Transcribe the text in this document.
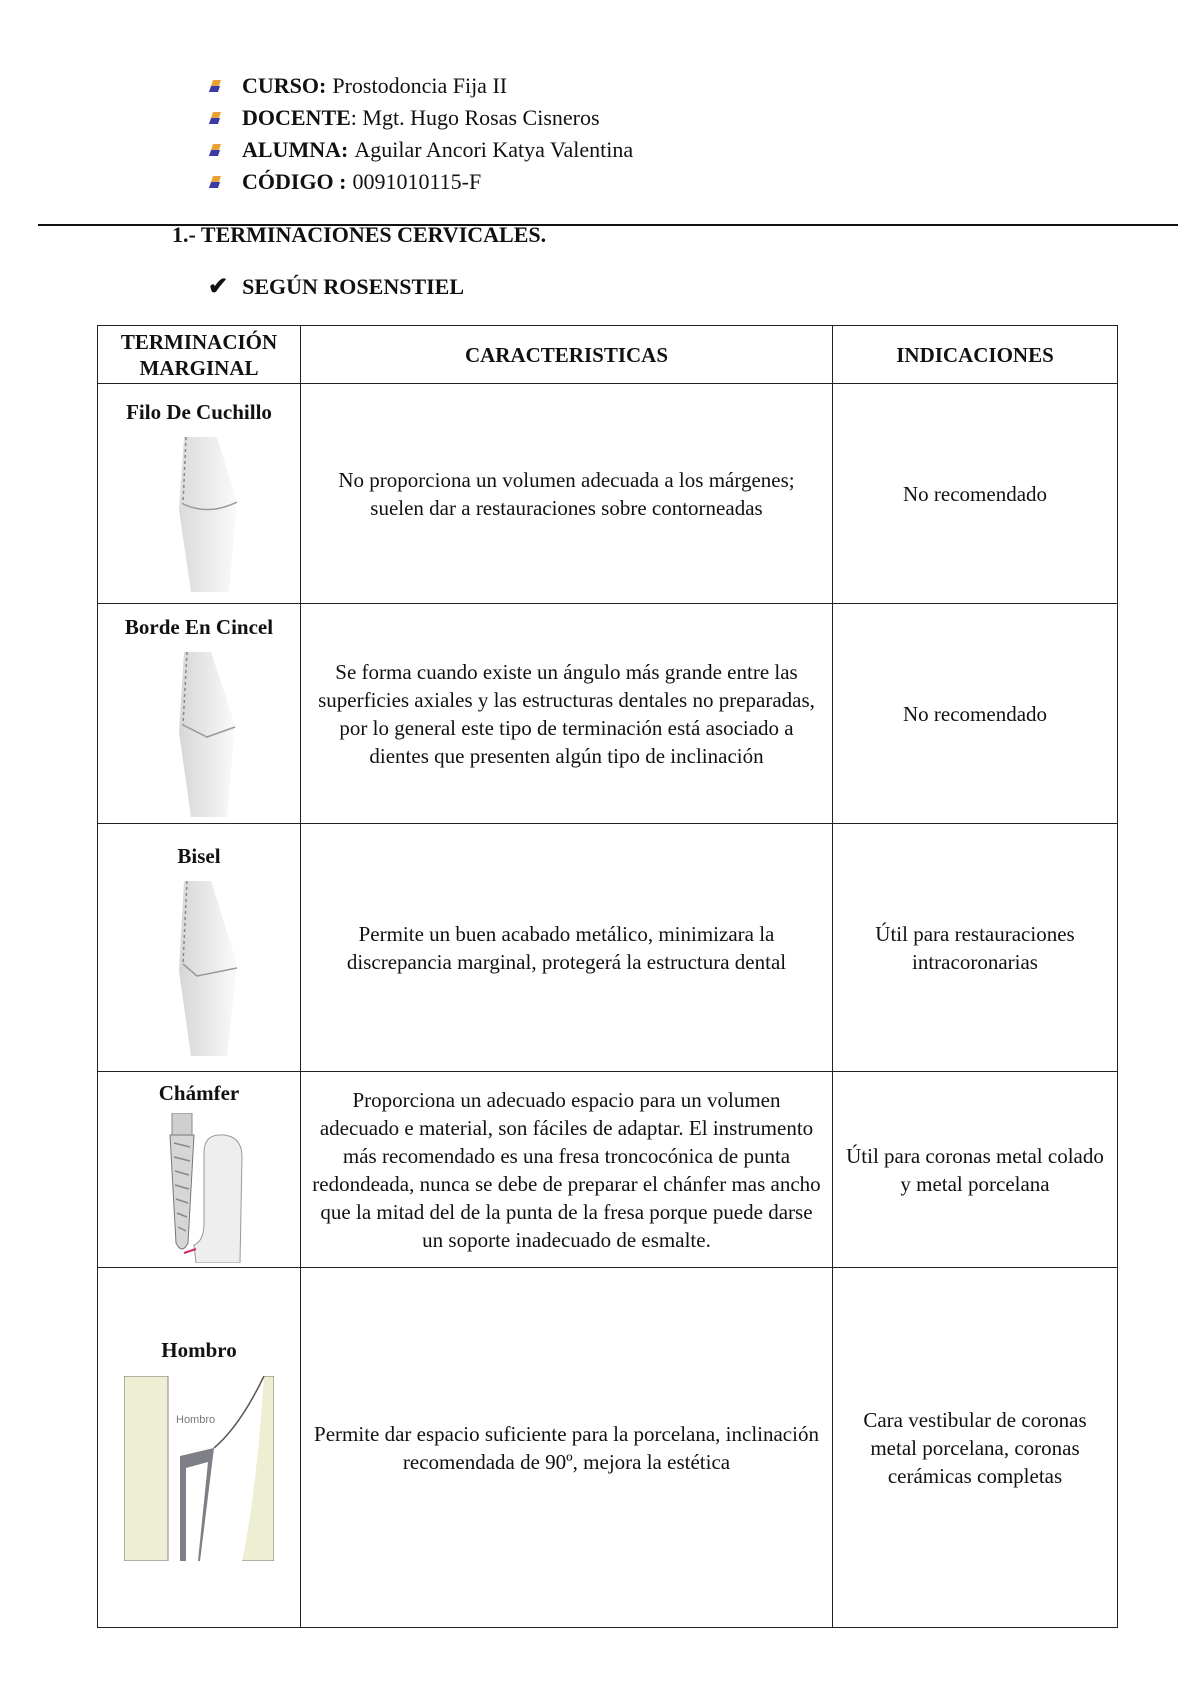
CURSO: Prostodoncia Fija II
DOCENTE : Mgt. Hugo Rosas Cisneros
ALUMNA: Aguilar Ancori Katya Valentina
CÓDIGO : 0091010115-F
1.- TERMINACIONES CERVICALES.
✔ SEGÚN ROSENSTIEL
TERMINACIÓN MARGINAL	CARACTERISTICAS	INDICACIONES

Filo De Cuchillo	No proporciona un volumen adecuada a los márgenes; suelen dar a restauraciones sobre contorneadas	No recomendado

Borde En Cincel	Se forma cuando existe un ángulo más grande entre las superficies axiales y las estructuras dentales no preparadas, por lo general este tipo de terminación está asociado a dientes que presenten algún tipo de inclinación	No recomendado

Bisel	Permite un buen acabado metálico, minimizara la discrepancia marginal, protegerá la estructura dental	Útil para restauraciones intracoronarias

Chámfer	Proporciona un adecuado espacio para un volumen adecuado e material, son fáciles de adaptar. El instrumento más recomendado es una fresa troncocónica de punta redondeada, nunca se debe de preparar el chánfer mas ancho que la mitad del de la punta de la fresa porque puede darse un soporte inadecuado de esmalte.	Útil para coronas metal colado y metal porcelana

Hombro
Hombro	Permite dar espacio suficiente para la porcelana, inclinación recomendada de 90º, mejora la estética	Cara vestibular de coronas metal porcelana, coronas cerámicas completas
